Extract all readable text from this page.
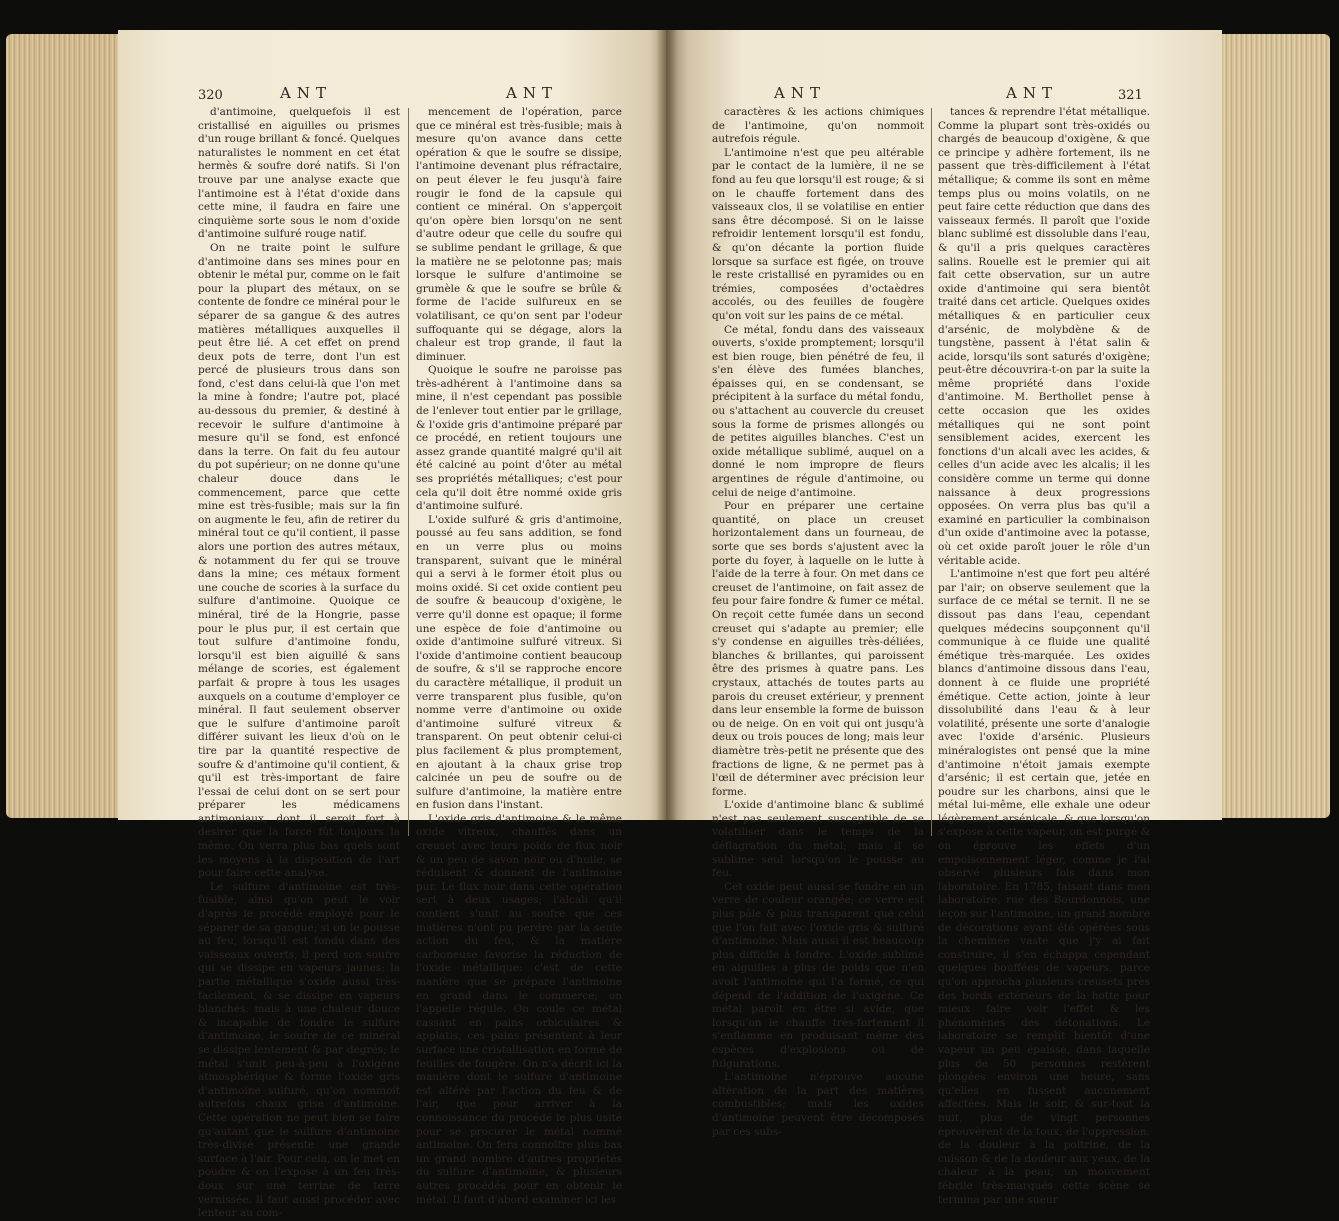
320	ANT	ANT

d'antimoine, quelquefois il est cristallisé en aiguilles ou prismes d'un rouge brillant & foncé. Quelques naturalistes le nomment en cet état hermès & soufre doré natifs. Si l'on trouve par une analyse exacte que l'antimoine est à l'état d'oxide dans cette mine, il faudra en faire une cinquième sorte sous le nom d'oxide d'antimoine sulfuré rouge natif.

On ne traite point le sulfure d'antimoine dans ses mines pour en obtenir le métal pur, comme on le fait pour la plupart des métaux, on se contente de fondre ce minéral pour le séparer de sa gangue & des autres matières métalliques auxquelles il peut être lié. A cet effet on prend deux pots de terre, dont l'un est percé de plusieurs trous dans son fond, c'est dans celui-là que l'on met la mine à fondre; l'autre pot, placé au-dessous du premier, & destiné à recevoir le sulfure d'antimoine à mesure qu'il se fond, est enfoncé dans la terre. On fait du feu autour du pot supérieur; on ne donne qu'une chaleur douce dans le commencement, parce que cette mine est très-fusible; mais sur la fin on augmente le feu, afin de retirer du minéral tout ce qu'il contient, il passe alors une portion des autres métaux, & notamment du fer qui se trouve dans la mine; ces métaux forment une couche de scories à la surface du sulfure d'antimoine. Quoique ce minéral, tiré de la Hongrie, passe pour le plus pur, il est certain que tout sulfure d'antimoine fondu, lorsqu'il est bien aiguillé & sans mélange de scories, est également parfait & propre à tous les usages auxquels on a coutume d'employer ce minéral. Il faut seulement observer que le sulfure d'antimoine paroît différer suivant les lieux d'où on le tire par la quantité respective de soufre & d'antimoine qu'il contient, & qu'il est très-important de faire l'essai de celui dont on se sert pour préparer les médicamens antimoniaux, dont il seroit fort à desirer que la force fût toujours la même. On verra plus bas quels sont les moyens à la disposition de l'art pour faire cette analyse.

Le sulfure d'antimoine est très-fusible, ainsi qu'on peut le voir d'après le procédé employé pour le séparer de sa gangue; si on le pousse au feu, lorsqu'il est fondu dans des vaisseaux ouverts, il perd son soufre qui se dissipe en vapeurs jaunes; la partie métallique s'oxide aussi très-facilement, & se dissipe en vapeurs blanches: mais à une chaleur douce & incapable de fondre le sulfure d'antimoine, le soufre de ce minéral se dissipe lentement & par degrés; le métal s'unit peu-à-peu à l'oxigène atmosphérique & forme l'oxide gris d'antimoine sulfuré, qu'on nommoit autrefois chaux grise d'antimoine. Cette opération ne peut bien se faire qu'autant que le sulfure d'antimoine très-divisé présente une grande surface à l'air. Pour cela, on le met en poudre & on l'expose à un feu très-doux sur une terrine de terre vernissée. Il faut aussi procéder avec lenteur au com-

mencement de l'opération, parce que ce minéral est très-fusible; mais à mesure qu'on avance dans cette opération & que le soufre se dissipe, l'antimoine devenant plus réfractaire, on peut élever le feu jusqu'à faire rougir le fond de la capsule qui contient ce minéral. On s'apperçoit qu'on opère bien lorsqu'on ne sent d'autre odeur que celle du soufre qui se sublime pendant le grillage, & que la matière ne se pelotonne pas; mais lorsque le sulfure d'antimoine se grumèle & que le soufre se brûle & forme de l'acide sulfureux en se volatilisant, ce qu'on sent par l'odeur suffoquante qui se dégage, alors la chaleur est trop grande, il faut la diminuer.

Quoique le soufre ne paroisse pas très-adhérent à l'antimoine dans sa mine, il n'est cependant pas possible de l'enlever tout entier par le grillage, & l'oxide gris d'antimoine préparé par ce procédé, en retient toujours une assez grande quantité malgré qu'il ait été calciné au point d'ôter au métal ses propriétés métalliques; c'est pour cela qu'il doit être nommé oxide gris d'antimoine sulfuré.

L'oxide sulfuré & gris d'antimoine, poussé au feu sans addition, se fond en un verre plus ou moins transparent, suivant que le minéral qui a servi à le former étoit plus ou moins oxidé. Si cet oxide contient peu de soufre & beaucoup d'oxigène, le verre qu'il donne est opaque; il forme une espèce de foie d'antimoine ou oxide d'antimoine sulfuré vitreux. Si l'oxide d'antimoine contient beaucoup de soufre, & s'il se rapproche encore du caractère métallique, il produit un verre transparent plus fusible, qu'on nomme verre d'antimoine ou oxide d'antimoine sulfuré vitreux & transparent. On peut obtenir celui-ci plus facilement & plus promptement, en ajoutant à la chaux grise trop calcinée un peu de soufre ou de sulfure d'antimoine, la matière entre en fusion dans l'instant.

L'oxide gris d'antimoine & le même oxide vitreux, chauffés dans un creuset avec leurs poids de flux noir & un peu de savon noir ou d'huile, se réduisent & donnent de l'antimoine pur. Le flux noir dans cette opération sert à deux usages; l'alcali qu'il contient s'unit au soufre que ces matières n'ont pu perdre par la seule action du feu, & la matière carboneuse favorise la réduction de l'oxide métallique: c'est de cette manière que se prépare l'antimoine en grand dans le commerce; on l'appelle régule. On coule ce métal cassant en pains orbiculaires & applatis, ces pains présentent à leur surface une cristallisation en forme de feuilles de fougère. On n'a décrit ici la manière dont le sulfure d'antimoine est altéré par l'action du feu & de l'air, que pour arriver à la connoissance du procédé le plus usité pour se procurer le métal nommé antimoine. On fera connoître plus bas un grand nombre d'autres propriétés du sulfure d'antimoine, & plusieurs autres procédés pour en obtenir le métal. Il faut d'abord examiner ici les

ANT	ANT	321

caractères & les actions chimiques de l'antimoine, qu'on nommoit autrefois régule.

L'antimoine n'est que peu altérable par le contact de la lumière, il ne se fond au feu que lorsqu'il est rouge; & si on le chauffe fortement dans des vaisseaux clos, il se volatilise en entier sans être décomposé. Si on le laisse refroidir lentement lorsqu'il est fondu, & qu'on décante la portion fluide lorsque sa surface est figée, on trouve le reste cristallisé en pyramides ou en trémies, composées d'octaèdres accolés, ou des feuilles de fougère qu'on voit sur les pains de ce métal.

Ce métal, fondu dans des vaisseaux ouverts, s'oxide promptement; lorsqu'il est bien rouge, bien pénétré de feu, il s'en élève des fumées blanches, épaisses qui, en se condensant, se précipitent à la surface du métal fondu, ou s'attachent au couvercle du creuset sous la forme de prismes allongés ou de petites aiguilles blanches. C'est un oxide métallique sublimé, auquel on a donné le nom impropre de fleurs argentines de régule d'antimoine, ou celui de neige d'antimoine.

Pour en préparer une certaine quantité, on place un creuset horizontalement dans un fourneau, de sorte que ses bords s'ajustent avec la porte du foyer, à laquelle on le lutte à l'aide de la terre à four. On met dans ce creuset de l'antimoine, on fait assez de feu pour faire fondre & fumer ce métal. On reçoit cette fumée dans un second creuset qui s'adapte au premier; elle s'y condense en aiguilles très-déliées, blanches & brillantes, qui paroissent être des prismes à quatre pans. Les crystaux, attachés de toutes parts au parois du creuset extérieur, y prennent dans leur ensemble la forme de buisson ou de neige. On en voit qui ont jusqu'à deux ou trois pouces de long; mais leur diamètre très-petit ne présente que des fractions de ligne, & ne permet pas à l'œil de déterminer avec précision leur forme.

L'oxide d'antimoine blanc & sublimé n'est pas seulement susceptible de se volatiliser dans le temps de la déflagration du métal; mais il se sublime seul lorsqu'on le pousse au feu.

Cet oxide peut aussi se fondre en un verre de couleur orangée; ce verre est plus pâle & plus transparent que celui que l'on fait avec l'oxide gris & sulfuré d'antimoine. Mais aussi il est beaucoup plus difficile à fondre. L'oxide sublimé en aiguilles a plus de poids que n'en avoit l'antimoine qui l'a formé, ce qui dépend de l'addition de l'oxigène. Ce métal paroît en être si avide, que lorsqu'on le chauffe très-fortement il s'enflamme en produisant même des espèces d'explosions ou de fulgurations.

L'antimoine n'éprouve aucune altération de la part des matières combustibles; mais les oxides d'antimoine peuvent être décomposés par ces subs-

tances & reprendre l'état métallique. Comme la plupart sont très-oxidés ou chargés de beaucoup d'oxigène, & que ce principe y adhère fortement, ils ne passent que très-difficilement à l'état métallique; & comme ils sont en même temps plus ou moins volatils, on ne peut faire cette réduction que dans des vaisseaux fermés. Il paroît que l'oxide blanc sublimé est dissoluble dans l'eau, & qu'il a pris quelques caractères salins. Rouelle est le premier qui ait fait cette observation, sur un autre oxide d'antimoine qui sera bientôt traité dans cet article. Quelques oxides métalliques & en particulier ceux d'arsénic, de molybdène & de tungstène, passent à l'état salin & acide, lorsqu'ils sont saturés d'oxigène; peut-être découvrira-t-on par la suite la même propriété dans l'oxide d'antimoine. M. Berthollet pense à cette occasion que les oxides métalliques qui ne sont point sensiblement acides, exercent les fonctions d'un alcali avec les acides, & celles d'un acide avec les alcalis; il les considère comme un terme qui donne naissance à deux progressions opposées. On verra plus bas qu'il a examiné en particulier la combinaison d'un oxide d'antimoine avec la potasse, où cet oxide paroît jouer le rôle d'un véritable acide.

L'antimoine n'est que fort peu altéré par l'air; on observe seulement que la surface de ce métal se ternit. Il ne se dissout pas dans l'eau, cependant quelques médecins soupçonnent qu'il communique à ce fluide une qualité émétique très-marquée. Les oxides blancs d'antimoine dissous dans l'eau, donnent à ce fluide une propriété émétique. Cette action, jointe à leur dissolubilité dans l'eau & à leur volatilité, présente une sorte d'analogie avec l'oxide d'arsénic. Plusieurs minéralogistes ont pensé que la mine d'antimoine n'étoit jamais exempte d'arsénic; il est certain que, jetée en poudre sur les charbons, ainsi que le métal lui-même, elle exhale une odeur légèrement arsénicale, & que lorsqu'on s'expose à cette vapeur, on est purgé & on éprouve les effets d'un empoisonnement léger, comme je l'ai observé plusieurs fois dans mon laboratoire. En 1785, faisant dans mon laboratoire, rue des Bourdonnois, une leçon sur l'antimoine, un grand nombre de décorations ayant été opérées sous la cheminée vaste que j'y ai fait construire, il s'en échappa cependant quelques bouffées de vapeurs, parce qu'on approcha plusieurs creusets près des bords extérieurs de la hotte pour mieux faire voir l'effet & les phénomènes des détonations. Le laboratoire se remplit bientôt d'une vapeur un peu épaisse, dans laquelle plus de 50 personnes restèrent plongées environ une heure, sans qu'elles en fussent aucunement affectées. Mais le soir, & sur-tout la nuit, plus de vingt personnes éprouvèrent de la toux, de l'oppression, de la douleur à la poitrine, de la cuisson & de la douleur aux yeux, de la chaleur à la peau, un mouvement fébrile très-marqués cette scène se termina par une sueur
